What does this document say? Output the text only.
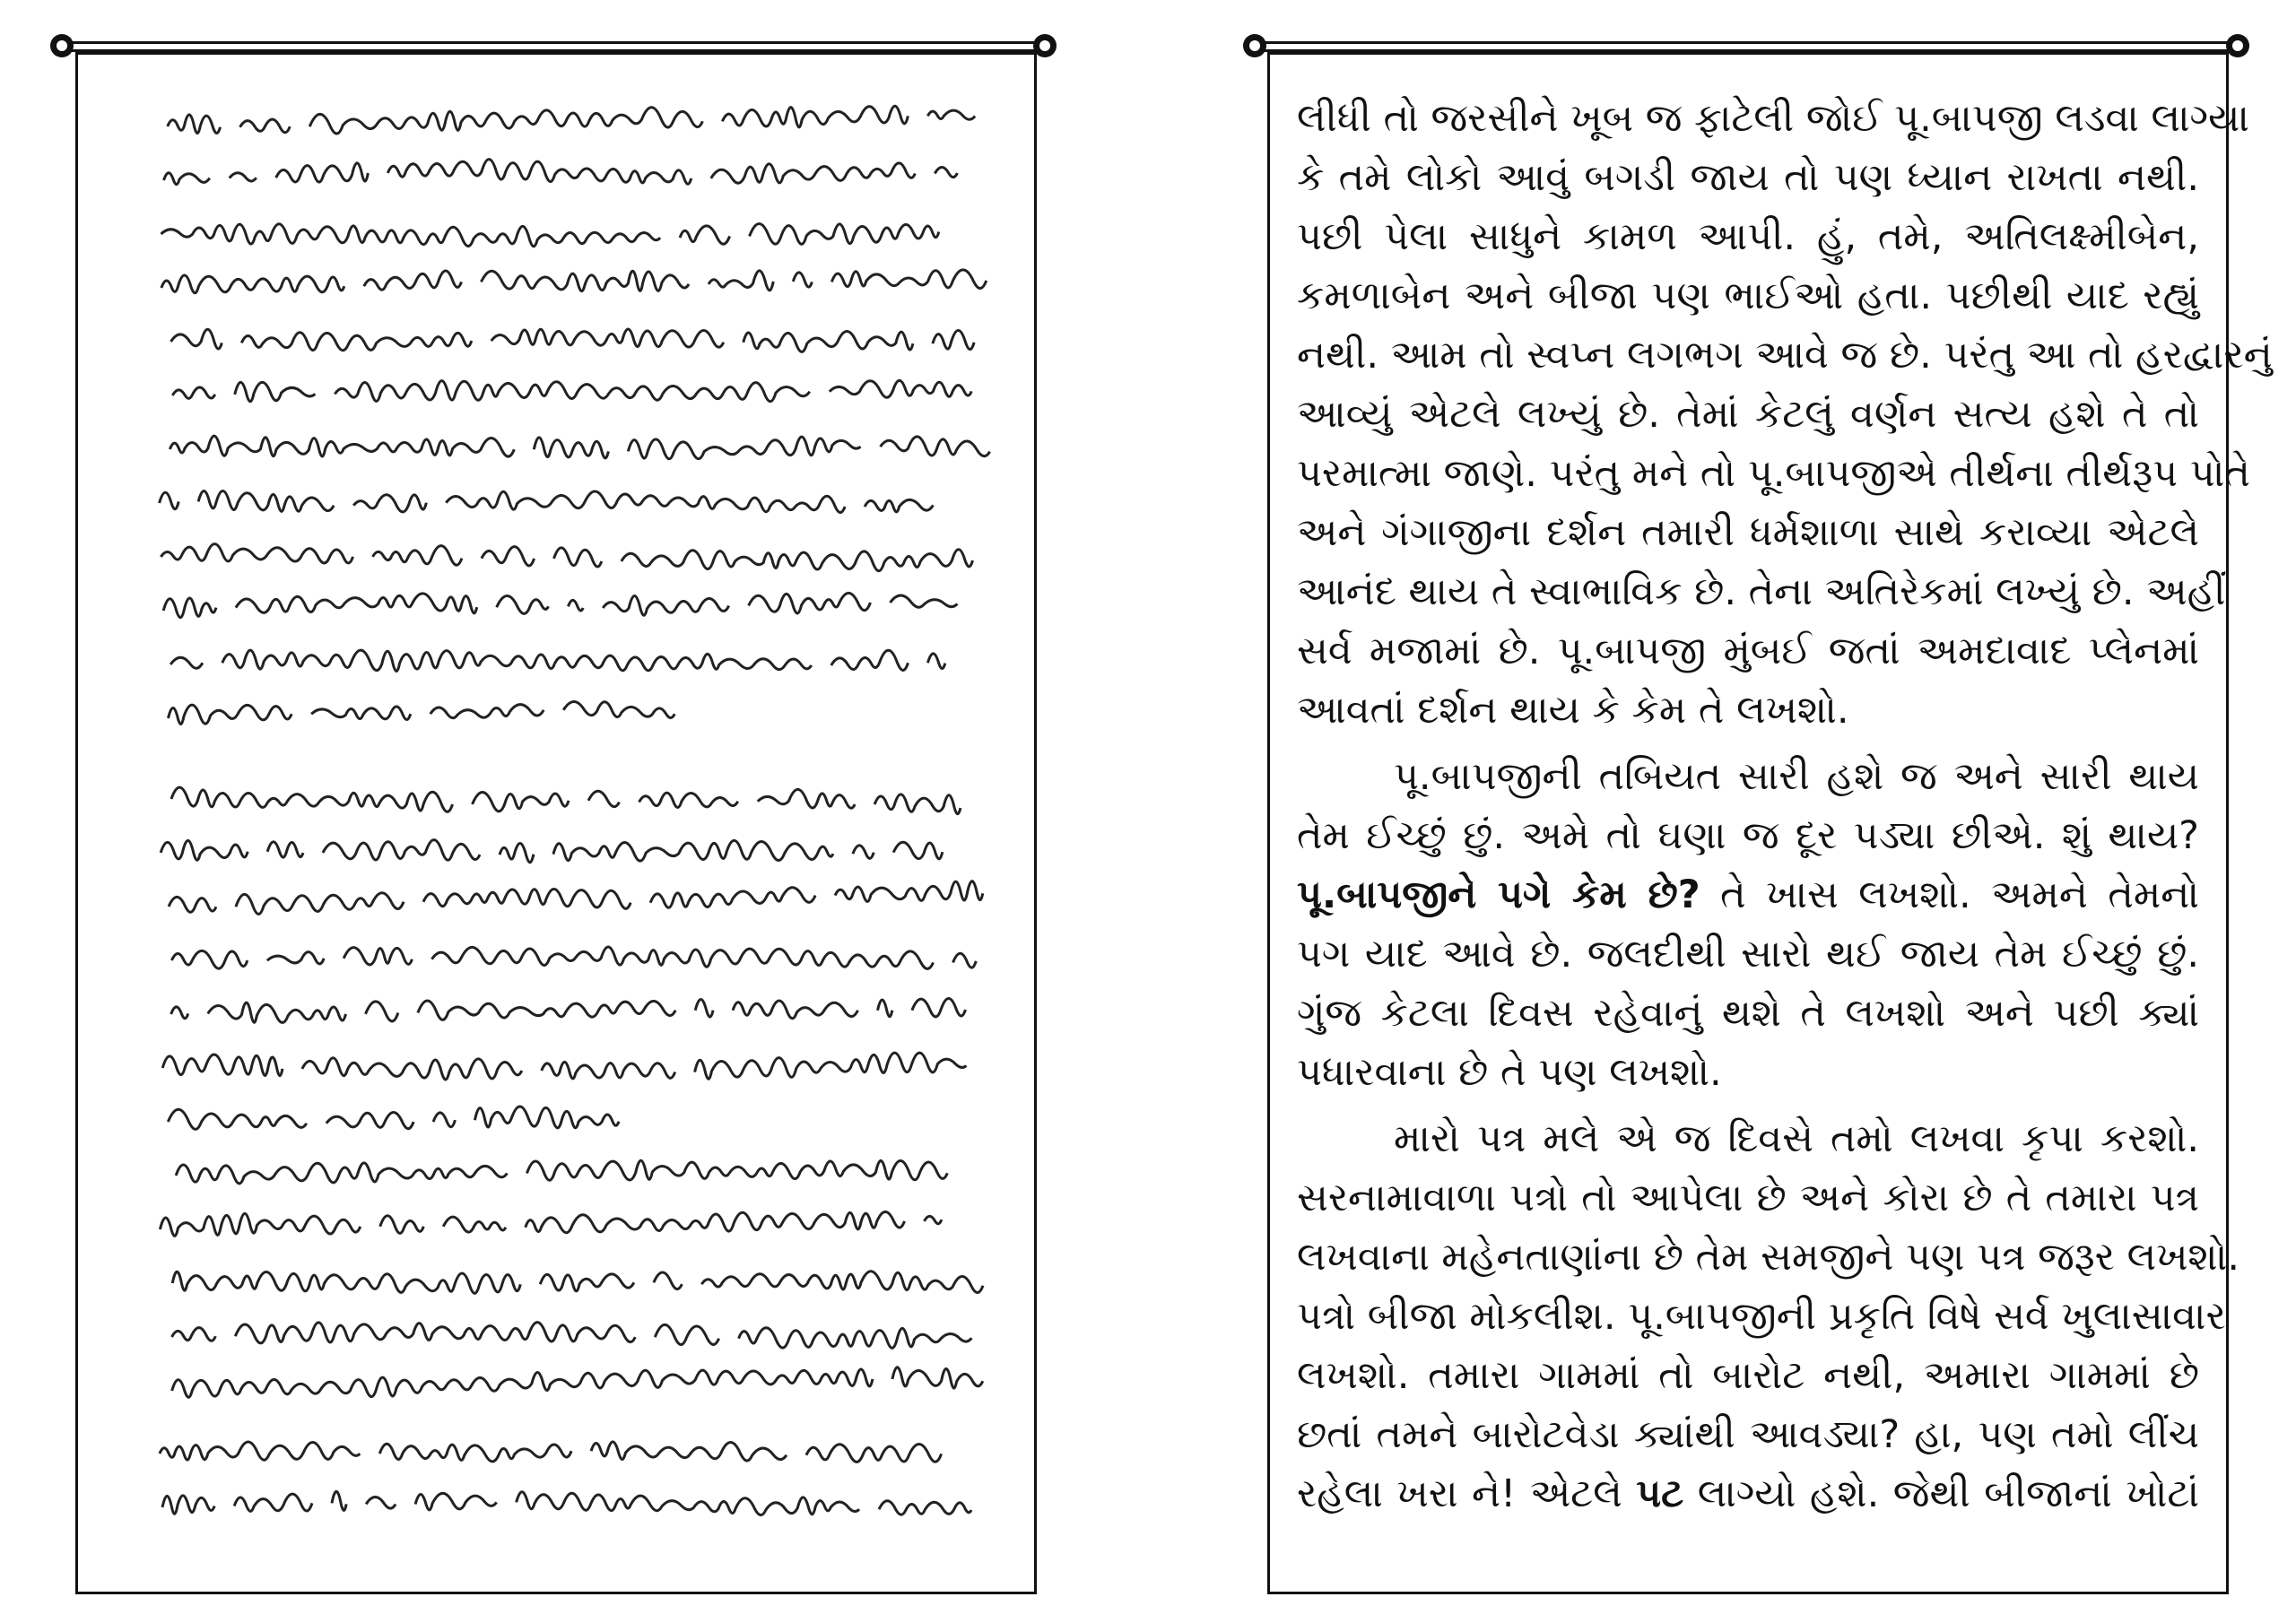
લીધી તો જરસીને ખૂબ જ ફાટેલી જોઈ પૂ.બાપજી લડવા લાગ્યા
કે તમે લોકો આવું બગડી જાય તો પણ ધ્યાન રાખતા નથી.
પછી પેલા સાધુને કામળ આપી. હું, તમે, અતિલક્ષ્મીબેન,
કમળાબેન અને બીજા પણ ભાઈઓ હતા. પછીથી યાદ રહ્યું
નથી. આમ તો સ્વપ્ન લગભગ આવે જ છે. પરંતુ આ તો હરદ્વારનું
આવ્યું એટલે લખ્યું છે. તેમાં કેટલું વર્ણન સત્ય હશે તે તો
પરમાત્મા જાણે. પરંતુ મને તો પૂ.બાપજીએ તીર્થના તીર્થરૂપ પોતે
અને ગંગાજીના દર્શન તમારી ધર્મશાળા સાથે કરાવ્યા એટલે
આનંદ થાય તે સ્વાભાવિક છે. તેના અતિરેકમાં લખ્યું છે. અહીં
સર્વ મજામાં છે. પૂ.બાપજી મુંબઈ જતાં અમદાવાદ પ્લેનમાં
આવતાં દર્શન થાય કે કેમ તે લખશો.
પૂ.બાપજીની તબિયત સારી હશે જ અને સારી થાય
તેમ ઈચ્છું છું. અમે તો ઘણા જ દૂર પડ્યા છીએ. શું થાય?
પૂ.બાપજીને પગે કેમ છે? તે ખાસ લખશો. અમને તેમનો
પગ યાદ આવે છે. જલદીથી સારો થઈ જાય તેમ ઈચ્છું છું.
ગુંજ કેટલા દિવસ રહેવાનું થશે તે લખશો અને પછી ક્યાં
પધારવાના છે તે પણ લખશો.
મારો પત્ર મલે એ જ દિવસે તમો લખવા કૃપા કરશો.
સરનામાવાળા પત્રો તો આપેલા છે અને કોરા છે તે તમારા પત્ર
લખવાના મહેનતાણાંના છે તેમ સમજીને પણ પત્ર જરૂર લખશો.
પત્રો બીજા મોકલીશ. પૂ.બાપજીની પ્રકૃતિ વિષે સર્વ ખુલાસાવાર
લખશો. તમારા ગામમાં તો બારોટ નથી, અમારા ગામમાં છે
છતાં તમને બારોટવેડા ક્યાંથી આવડ્યા? હા, પણ તમો લીંચ
રહેલા ખરા ને! એટલે પટ લાગ્યો હશે. જેથી બીજાનાં ખોટાં
